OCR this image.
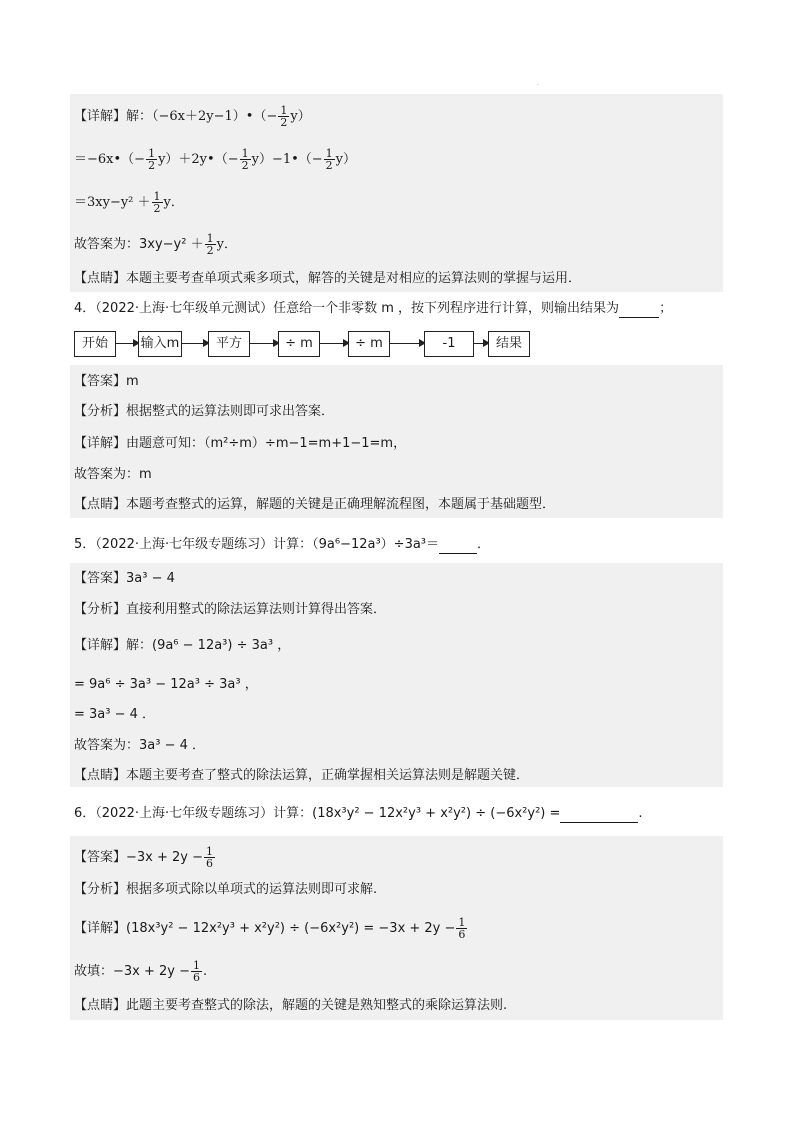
.
【详解】解：（−6x＋2y−1）•（− $\frac{1}{2} y$）
＝−6x•（− $\frac{1}{2}$ y）＋2y•（− $\frac{1}{2}$ y）−1•（− $\frac{1}{2} y$）
$=3xy-y^2 + \frac{1}{2}$ y．
故答案为：$3xy-y^2 + \frac{1}{2}$ y．
【点睛】本题主要考查单项式乘多项式，解答的关键是对相应的运算法则的掌握与运用．
4．（2022·上海·七年级单元测试）任意给一个非零数 m ，按下列程序进行计算，则输出结果为	；
开始	输入m	平方	÷ m	÷ m	-1	结果
【答案】m
【分析】根据整式的运算法则即可求出答案．
【详解】由题意可知：（m²÷m）÷m−1=m+1−1=m，
故答案为：m
【点睛】本题考查整式的运算，解题的关键是正确理解流程图，本题属于基础题型．
5．（2022·上海·七年级专题练习）计算：（9a⁶−12a³）÷3a³＝	．
【答案】3a³ − 4
【分析】直接利用整式的除法运算法则计算得出答案．
【详解】解：(9a⁶ − 12a³) ÷ 3a³ ，
= 9a⁶ ÷ 3a³ − 12a³ ÷ 3a³ ，
= 3a³ − 4 ．
故答案为：3a³ − 4 ．
【点睛】本题主要考查了整式的除法运算，正确掌握相关运算法则是解题关键．
6．（2022·上海·七年级专题练习）计算：(18x³y² − 12x²y³ + x²y²) ÷ (−6x²y²) =	.
【答案】$-3x + 2y - \frac{1}{6}$
【分析】根据多项式除以单项式的运算法则即可求解.
【详解】$(18x^3y^2 - 12x^2y^3 + x^2y^2) \div (-6x^2y^2) = -3x + 2y - \frac{1}{6}$
故填：$-3x + 2y - \frac{1}{6}$ .
【点睛】此题主要考查整式的除法，解题的关键是熟知整式的乘除运算法则.
